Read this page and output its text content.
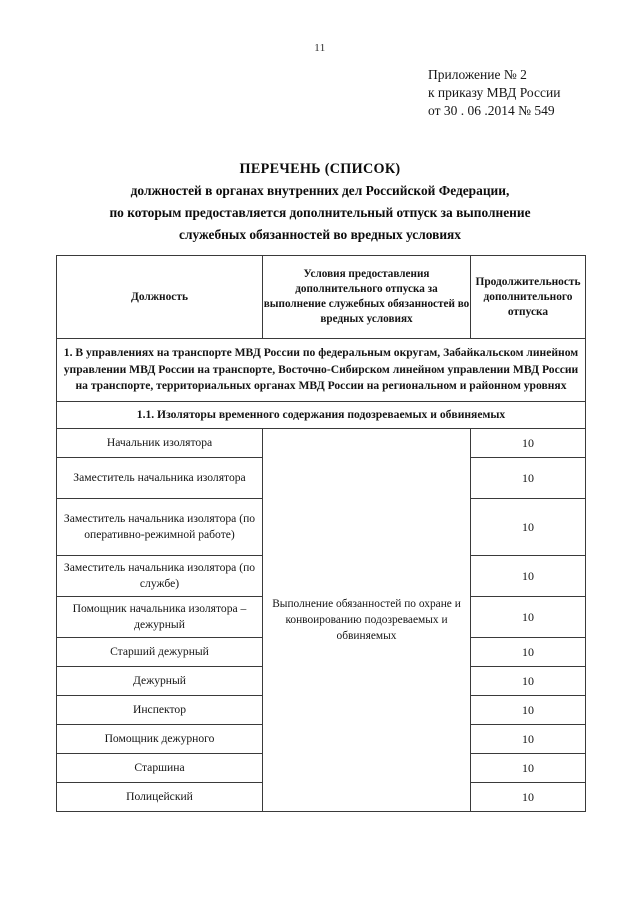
11
Приложение № 2
к приказу МВД России
от 30 . 06 .2014 № 549
ПЕРЕЧЕНЬ (СПИСОК)
должностей в органах внутренних дел Российской Федерации,
по которым предоставляется дополнительный отпуск за выполнение
служебных обязанностей во вредных условиях
Должность	Условия предоставления дополнительного отпуска за выполнение служебных обязанностей во вредных условиях	Продолжительность дополнительного отпуска
1. В управлениях на транспорте МВД России по федеральным округам, Забайкальском линейном управлении МВД России на транспорте, Восточно-Сибирском линейном управлении МВД России на транспорте, территориальных органах МВД России на региональном и районном уровнях		
1.1. Изоляторы временного содержания подозреваемых и обвиняемых		
Начальник изолятора	Выполнение обязанностей по охране и конвоированию подозреваемых и обвиняемых	10
Заместитель начальника изолятора		10
Заместитель начальника изолятора (по оперативно-режимной работе)		10
Заместитель начальника изолятора (по службе)		10
Помощник начальника изолятора – дежурный		10
Старший дежурный		10
Дежурный		10
Инспектор		10
Помощник дежурного		10
Старшина		10
Полицейский		10
